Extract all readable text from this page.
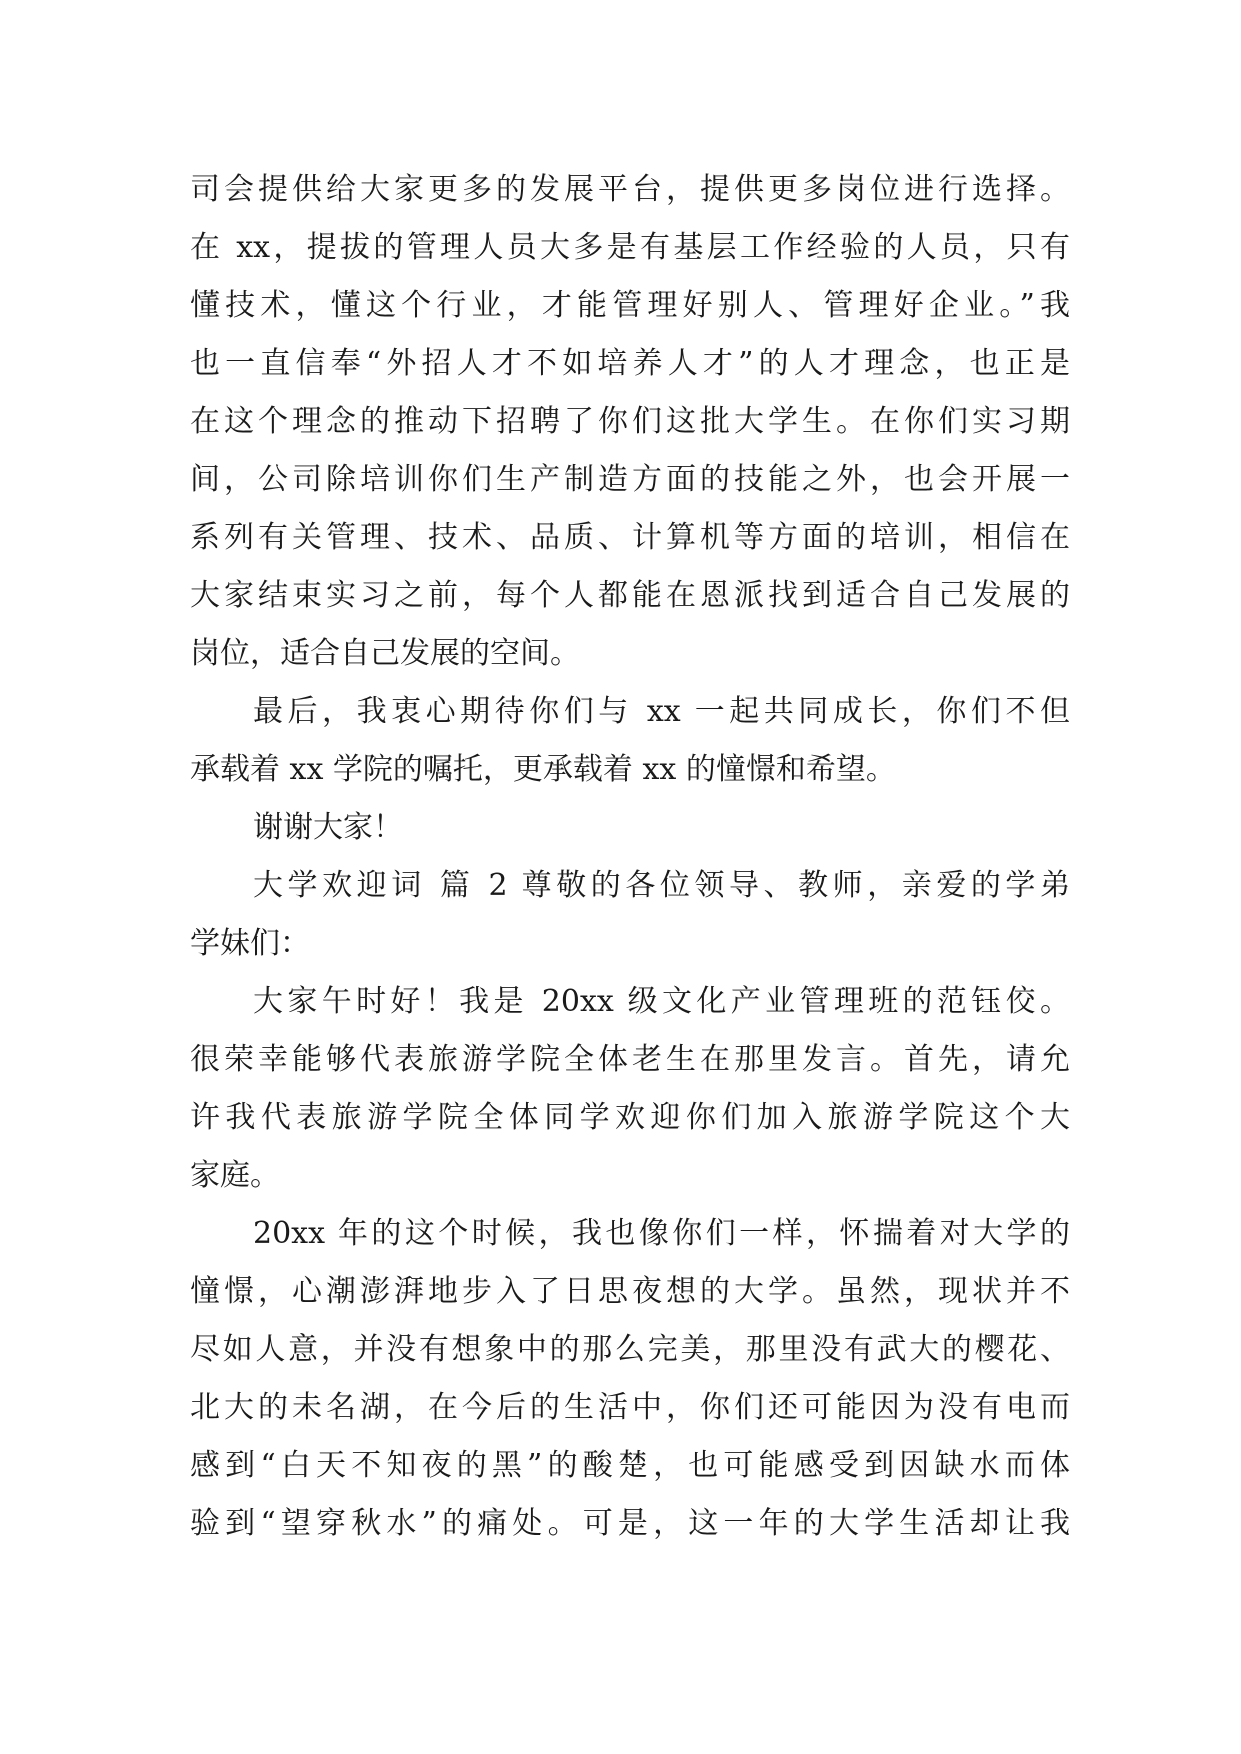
司会提供给大家更多的发展平台，提供更多岗位进行选择。
在 xx，提拔的管理人员大多是有基层工作经验的人员，只有
懂技术，懂这个行业，才能管理好别人、管理好企业。”我
也一直信奉“外招人才不如培养人才”的人才理念，也正是
在这个理念的推动下招聘了你们这批大学生。在你们实习期
间，公司除培训你们生产制造方面的技能之外，也会开展一
系列有关管理、技术、品质、计算机等方面的培训，相信在
大家结束实习之前，每个人都能在恩派找到适合自己发展的
岗位，适合自己发展的空间。
最后，我衷心期待你们与 xx 一起共同成长，你们不但
承载着 xx 学院的嘱托，更承载着 xx 的憧憬和希望。
谢谢大家！
大学欢迎词 篇 2 尊敬的各位领导、教师，亲爱的学弟
学妹们：
大家午时好！我是 20xx 级文化产业管理班的范钰佼。
很荣幸能够代表旅游学院全体老生在那里发言。首先，请允
许我代表旅游学院全体同学欢迎你们加入旅游学院这个大
家庭。
20xx 年的这个时候，我也像你们一样，怀揣着对大学的
憧憬，心潮澎湃地步入了日思夜想的大学。虽然，现状并不
尽如人意，并没有想象中的那么完美，那里没有武大的樱花、
北大的未名湖，在今后的生活中，你们还可能因为没有电而
感到“白天不知夜的黑”的酸楚，也可能感受到因缺水而体
验到“望穿秋水”的痛处。可是，这一年的大学生活却让我
